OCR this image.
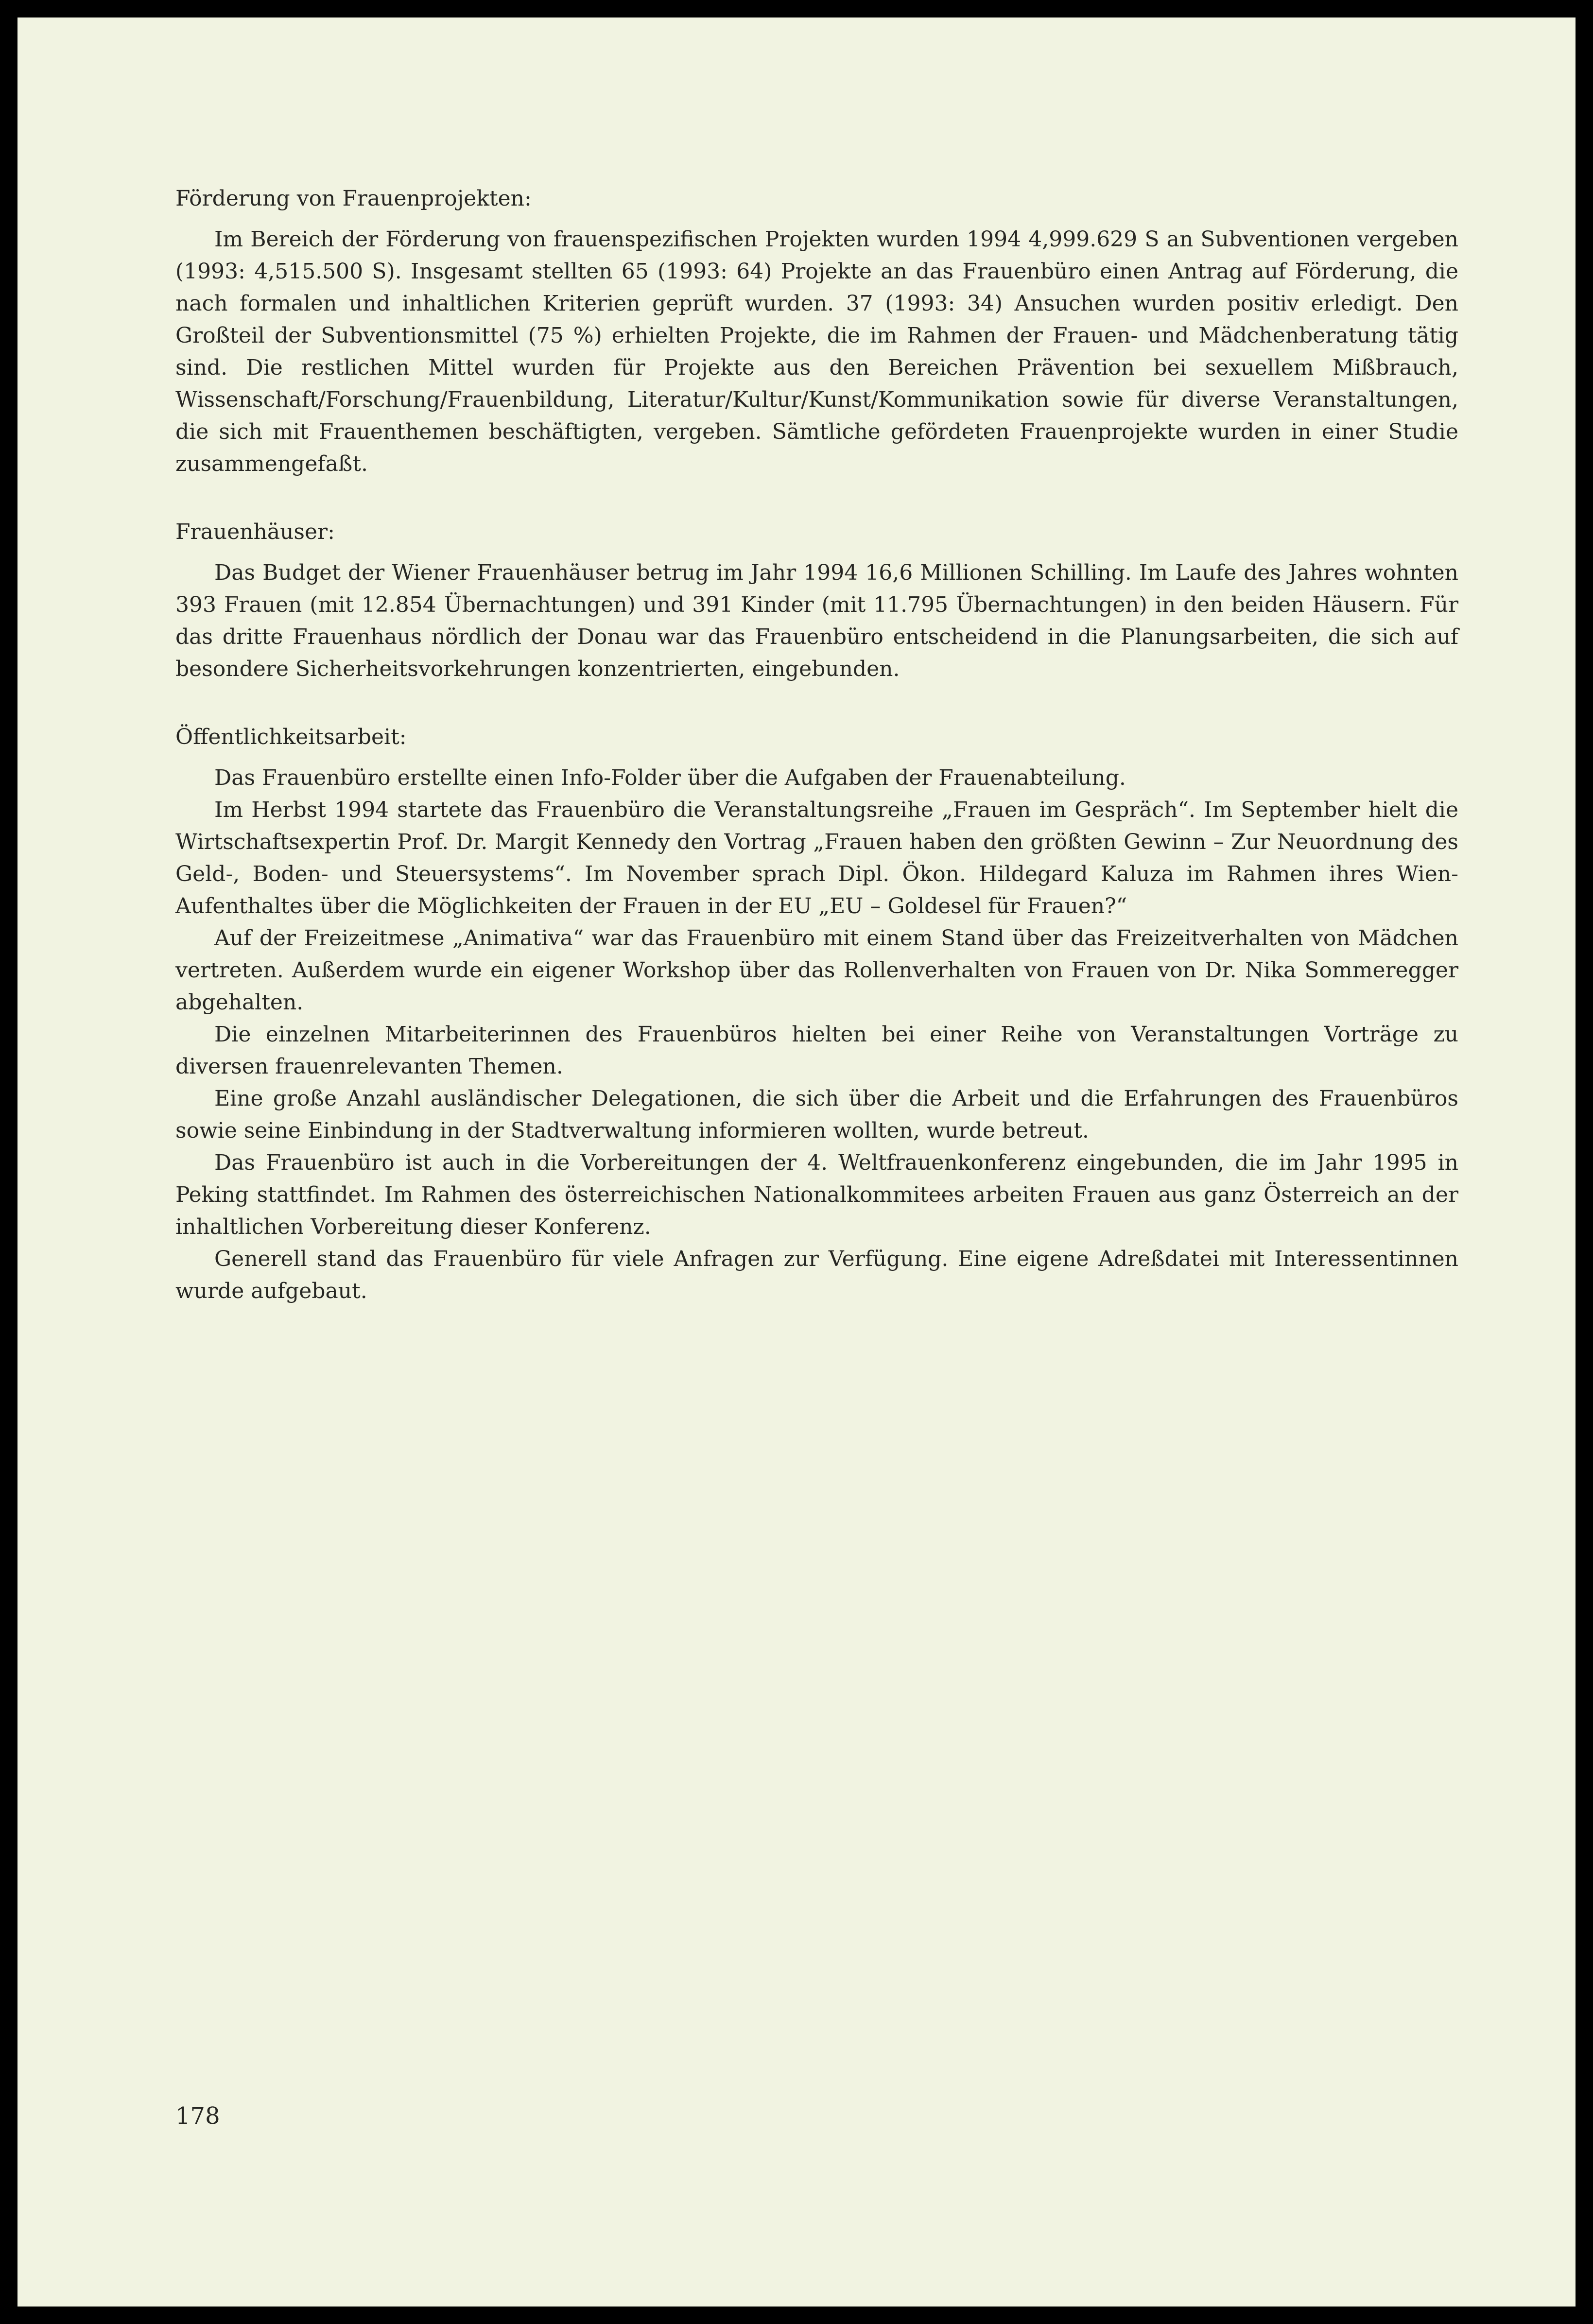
Förderung von Frauenprojekten:

Im Bereich der Förderung von frauenspezifischen Projekten wurden 1994 4,999.629 S an Subventionen vergeben (1993: 4,515.500 S). Insgesamt stellten 65 (1993: 64) Projekte an das Frauenbüro einen Antrag auf Förderung, die nach formalen und inhaltlichen Kriterien geprüft wurden. 37 (1993: 34) Ansuchen wurden positiv erledigt. Den Großteil der Subventionsmittel (75 %) erhielten Projekte, die im Rahmen der Frauen- und Mädchenberatung tätig sind. Die restlichen Mittel wurden für Projekte aus den Bereichen Prävention bei sexuellem Mißbrauch, Wissenschaft/Forschung/Frauenbildung, Literatur/Kultur/Kunst/Kommunikation sowie für diverse Veranstaltungen, die sich mit Frauenthemen beschäftigten, vergeben. Sämtliche gefördeten Frauenprojekte wurden in einer Studie zusammengefaßt.

Frauenhäuser:

Das Budget der Wiener Frauenhäuser betrug im Jahr 1994 16,6 Millionen Schilling. Im Laufe des Jahres wohnten 393 Frauen (mit 12.854 Übernachtungen) und 391 Kinder (mit 11.795 Übernachtungen) in den beiden Häusern. Für das dritte Frauenhaus nördlich der Donau war das Frauenbüro entscheidend in die Planungsarbeiten, die sich auf besondere Sicherheitsvorkehrungen konzentrierten, eingebunden.

Öffentlichkeitsarbeit:

Das Frauenbüro erstellte einen Info-Folder über die Aufgaben der Frauenabteilung.

Im Herbst 1994 startete das Frauenbüro die Veranstaltungsreihe „Frauen im Gespräch“. Im September hielt die Wirtschaftsexpertin Prof. Dr. Margit Kennedy den Vortrag „Frauen haben den größten Gewinn – Zur Neuordnung des Geld-, Boden- und Steuersystems“. Im November sprach Dipl. Ökon. Hildegard Kaluza im Rahmen ihres Wien-Aufenthaltes über die Möglichkeiten der Frauen in der EU „EU – Goldesel für Frauen?“

Auf der Freizeitmese „Animativa“ war das Frauenbüro mit einem Stand über das Freizeitverhalten von Mädchen vertreten. Außerdem wurde ein eigener Workshop über das Rollenverhalten von Frauen von Dr. Nika Sommeregger abgehalten.

Die einzelnen Mitarbeiterinnen des Frauenbüros hielten bei einer Reihe von Veranstaltungen Vorträge zu diversen frauenrelevanten Themen.

Eine große Anzahl ausländischer Delegationen, die sich über die Arbeit und die Erfahrungen des Frauenbüros sowie seine Einbindung in der Stadtverwaltung informieren wollten, wurde betreut.

Das Frauenbüro ist auch in die Vorbereitungen der 4. Weltfrauenkonferenz eingebunden, die im Jahr 1995 in Peking stattfindet. Im Rahmen des österreichischen Nationalkommitees arbeiten Frauen aus ganz Österreich an der inhaltlichen Vorbereitung dieser Konferenz.

Generell stand das Frauenbüro für viele Anfragen zur Verfügung. Eine eigene Adreßdatei mit Interessentinnen wurde aufgebaut.

178
